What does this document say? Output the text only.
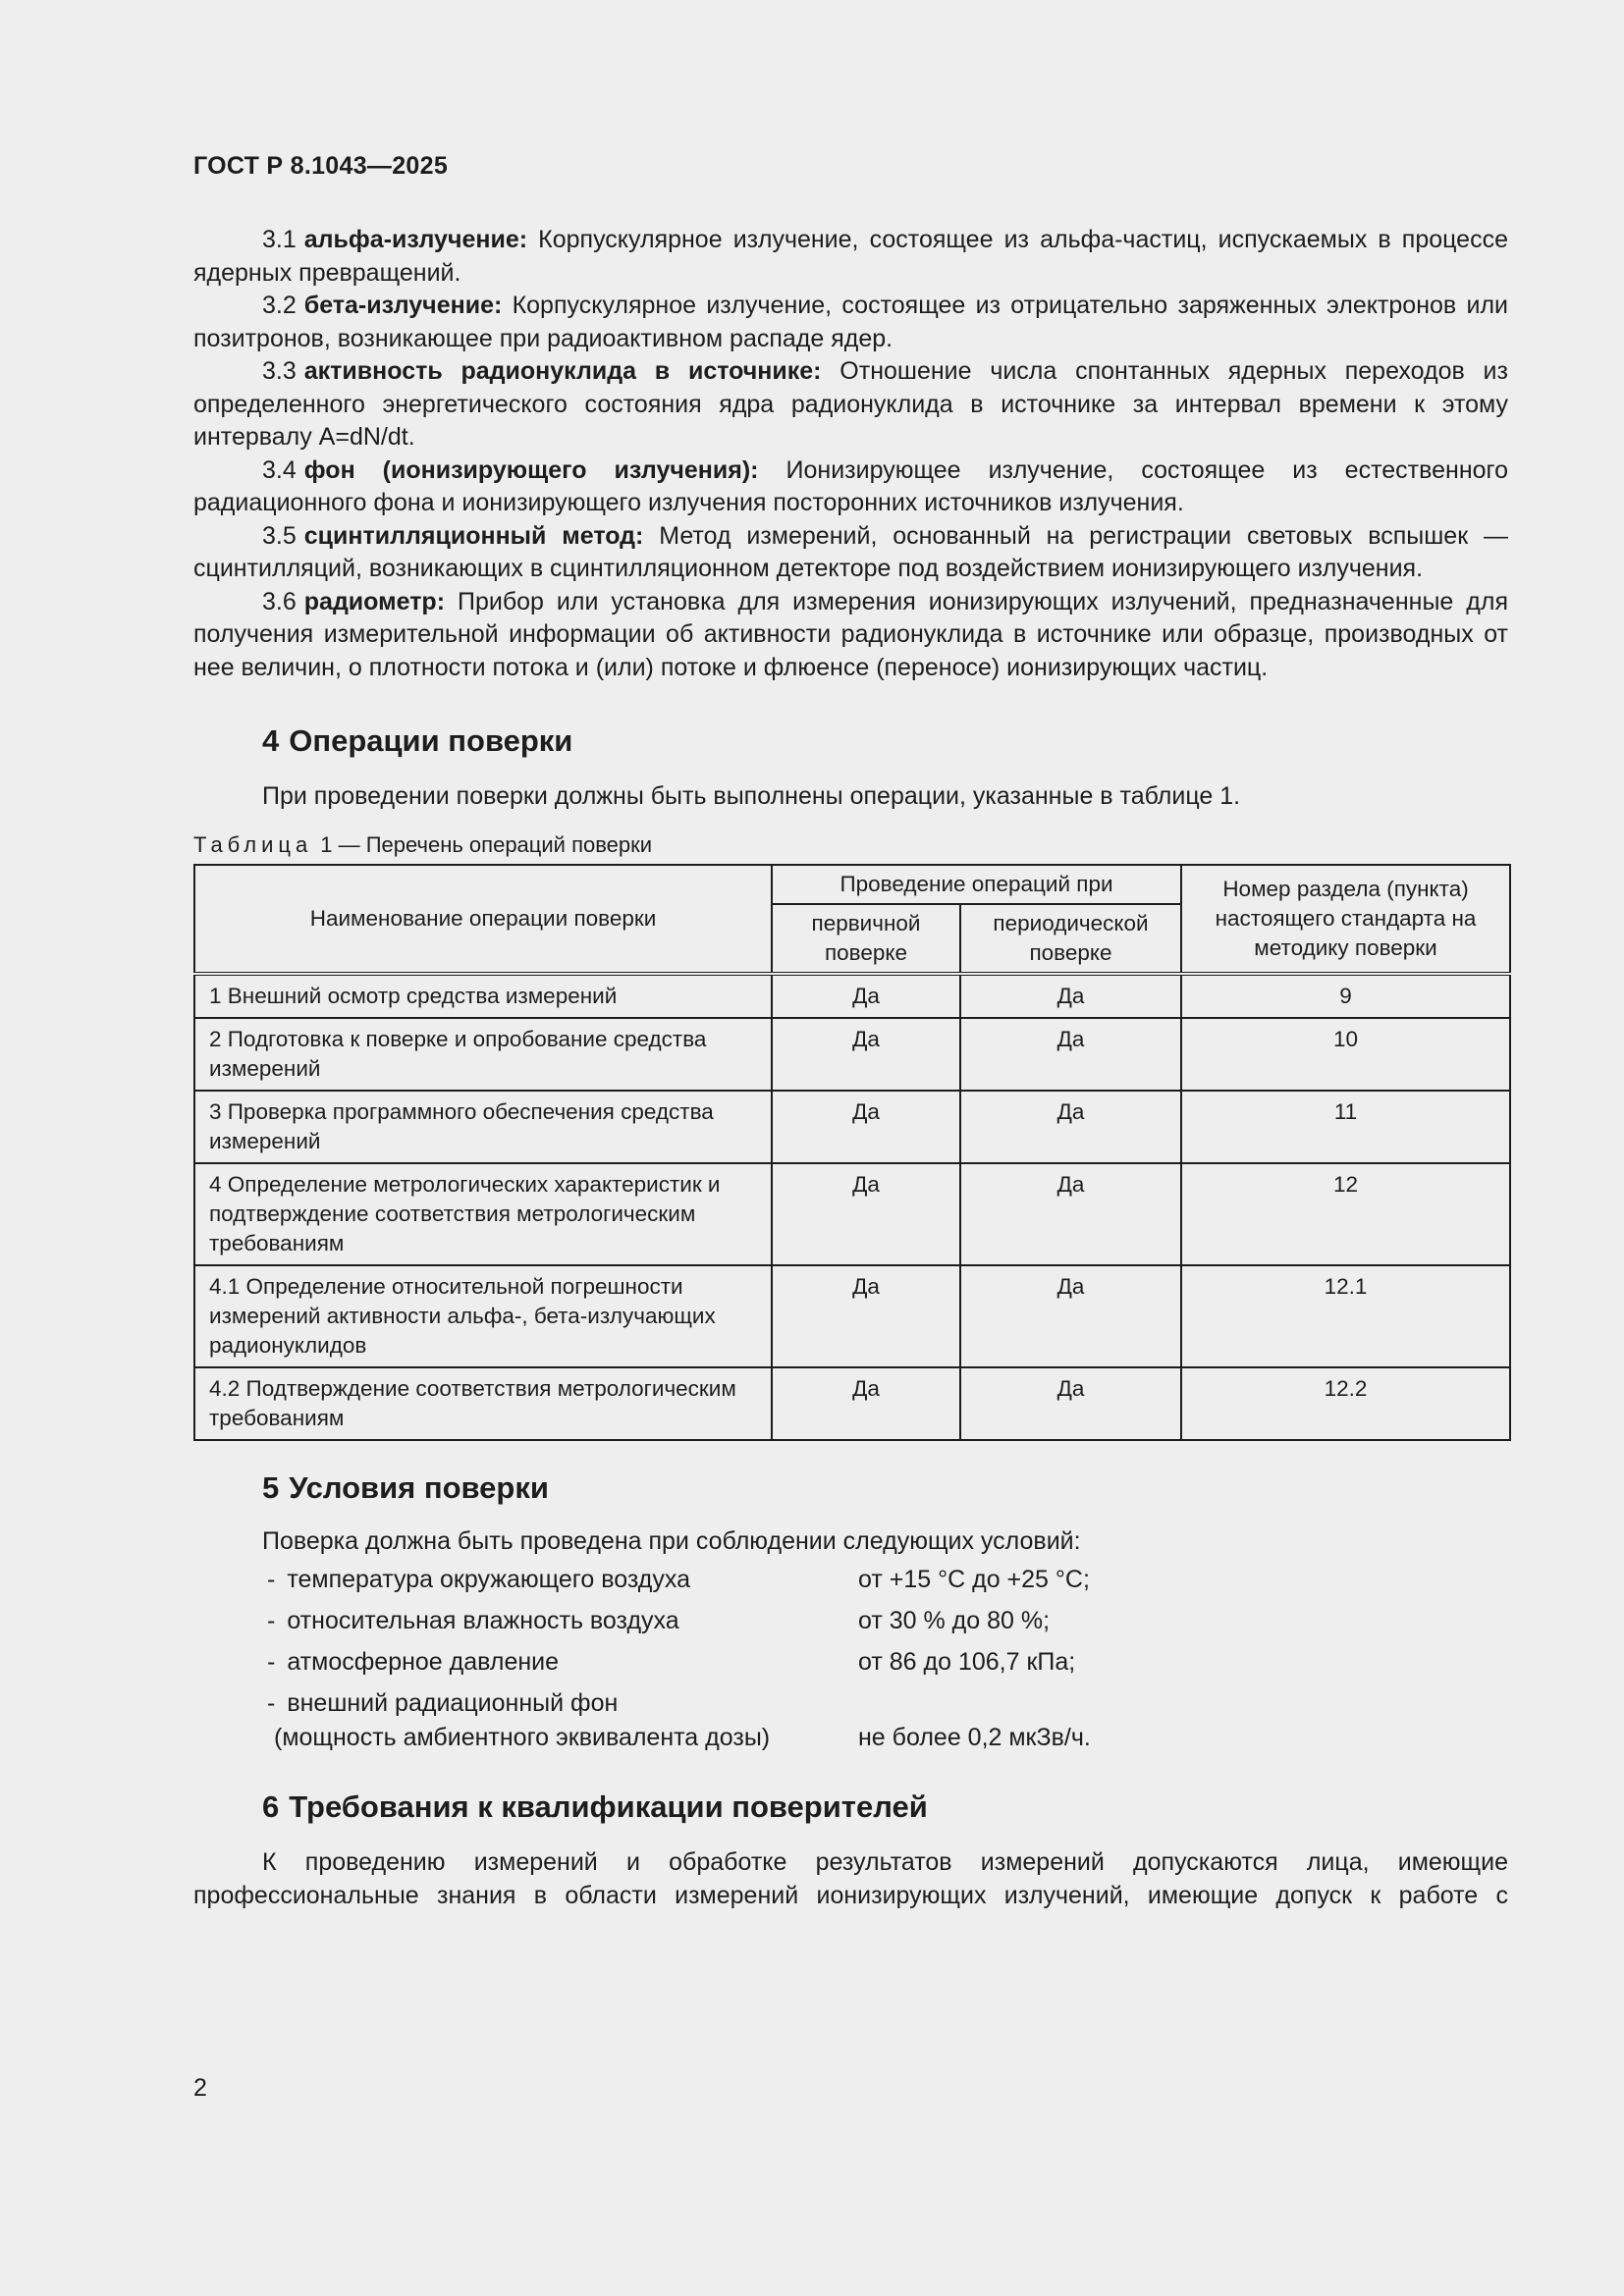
ГОСТ Р 8.1043—2025

3.1 альфа-излучение: Корпускулярное излучение, состоящее из альфа-частиц, испускаемых в процессе ядерных превращений.

3.2 бета-излучение: Корпускулярное излучение, состоящее из отрицательно заряженных электронов или позитронов, возникающее при радиоактивном распаде ядер.

3.3 активность радионуклида в источнике: Отношение числа спонтанных ядерных переходов из определенного энергетического состояния ядра радионуклида в источнике за интервал времени к этому интервалу A=dN/dt.

3.4 фон (ионизирующего излучения): Ионизирующее излучение, состоящее из естественного радиационного фона и ионизирующего излучения посторонних источников излучения.

3.5 сцинтилляционный метод: Метод измерений, основанный на регистрации световых вспышек — сцинтилляций, возникающих в сцинтилляционном детекторе под воздействием ионизирующего излучения.

3.6 радиометр: Прибор или установка для измерения ионизирующих излучений, предназначенные для получения измерительной информации об активности радионуклида в источнике или образце, производных от нее величин, о плотности потока и (или) потоке и флюенсе (переносе) ионизирующих частиц.

4 Операции поверки

При проведении поверки должны быть выполнены операции, указанные в таблице 1.

Таблица 1 — Перечень операций поверки

Наименование операции поверки	Проведение операций при		Номер раздела (пункта) настоящего стандарта на методику поверки
	первичной поверке	периодической поверке	
1 Внешний осмотр средства измерений	Да	Да	9
2 Подготовка к поверке и опробование средства измерений	Да	Да	10
3 Проверка программного обеспечения средства измерений	Да	Да	11
4 Определение метрологических характеристик и подтверждение соответствия метрологическим требованиям	Да	Да	12
4.1 Определение относительной погрешности измерений активности альфа-, бета-излучающих радионуклидов	Да	Да	12.1
4.2 Подтверждение соответствия метрологическим требованиям	Да	Да	12.2
5 Условия поверки

Поверка должна быть проведена при соблюдении следующих условий:

- температура окружающего воздуха	от +15 °С до +25 °С;
- относительная влажность воздуха	от 30 % до 80 %;
- атмосферное давление	от 86 до 106,7 кПа;
- внешний радиационный фон
(мощность амбиентного эквивалента дозы)	не более 0,2 мкЗв/ч.
6 Требования к квалификации поверителей

К проведению измерений и обработке результатов измерений допускаются лица, имеющие профессиональные знания в области измерений ионизирующих излучений, имеющие допуск к работе с

2
